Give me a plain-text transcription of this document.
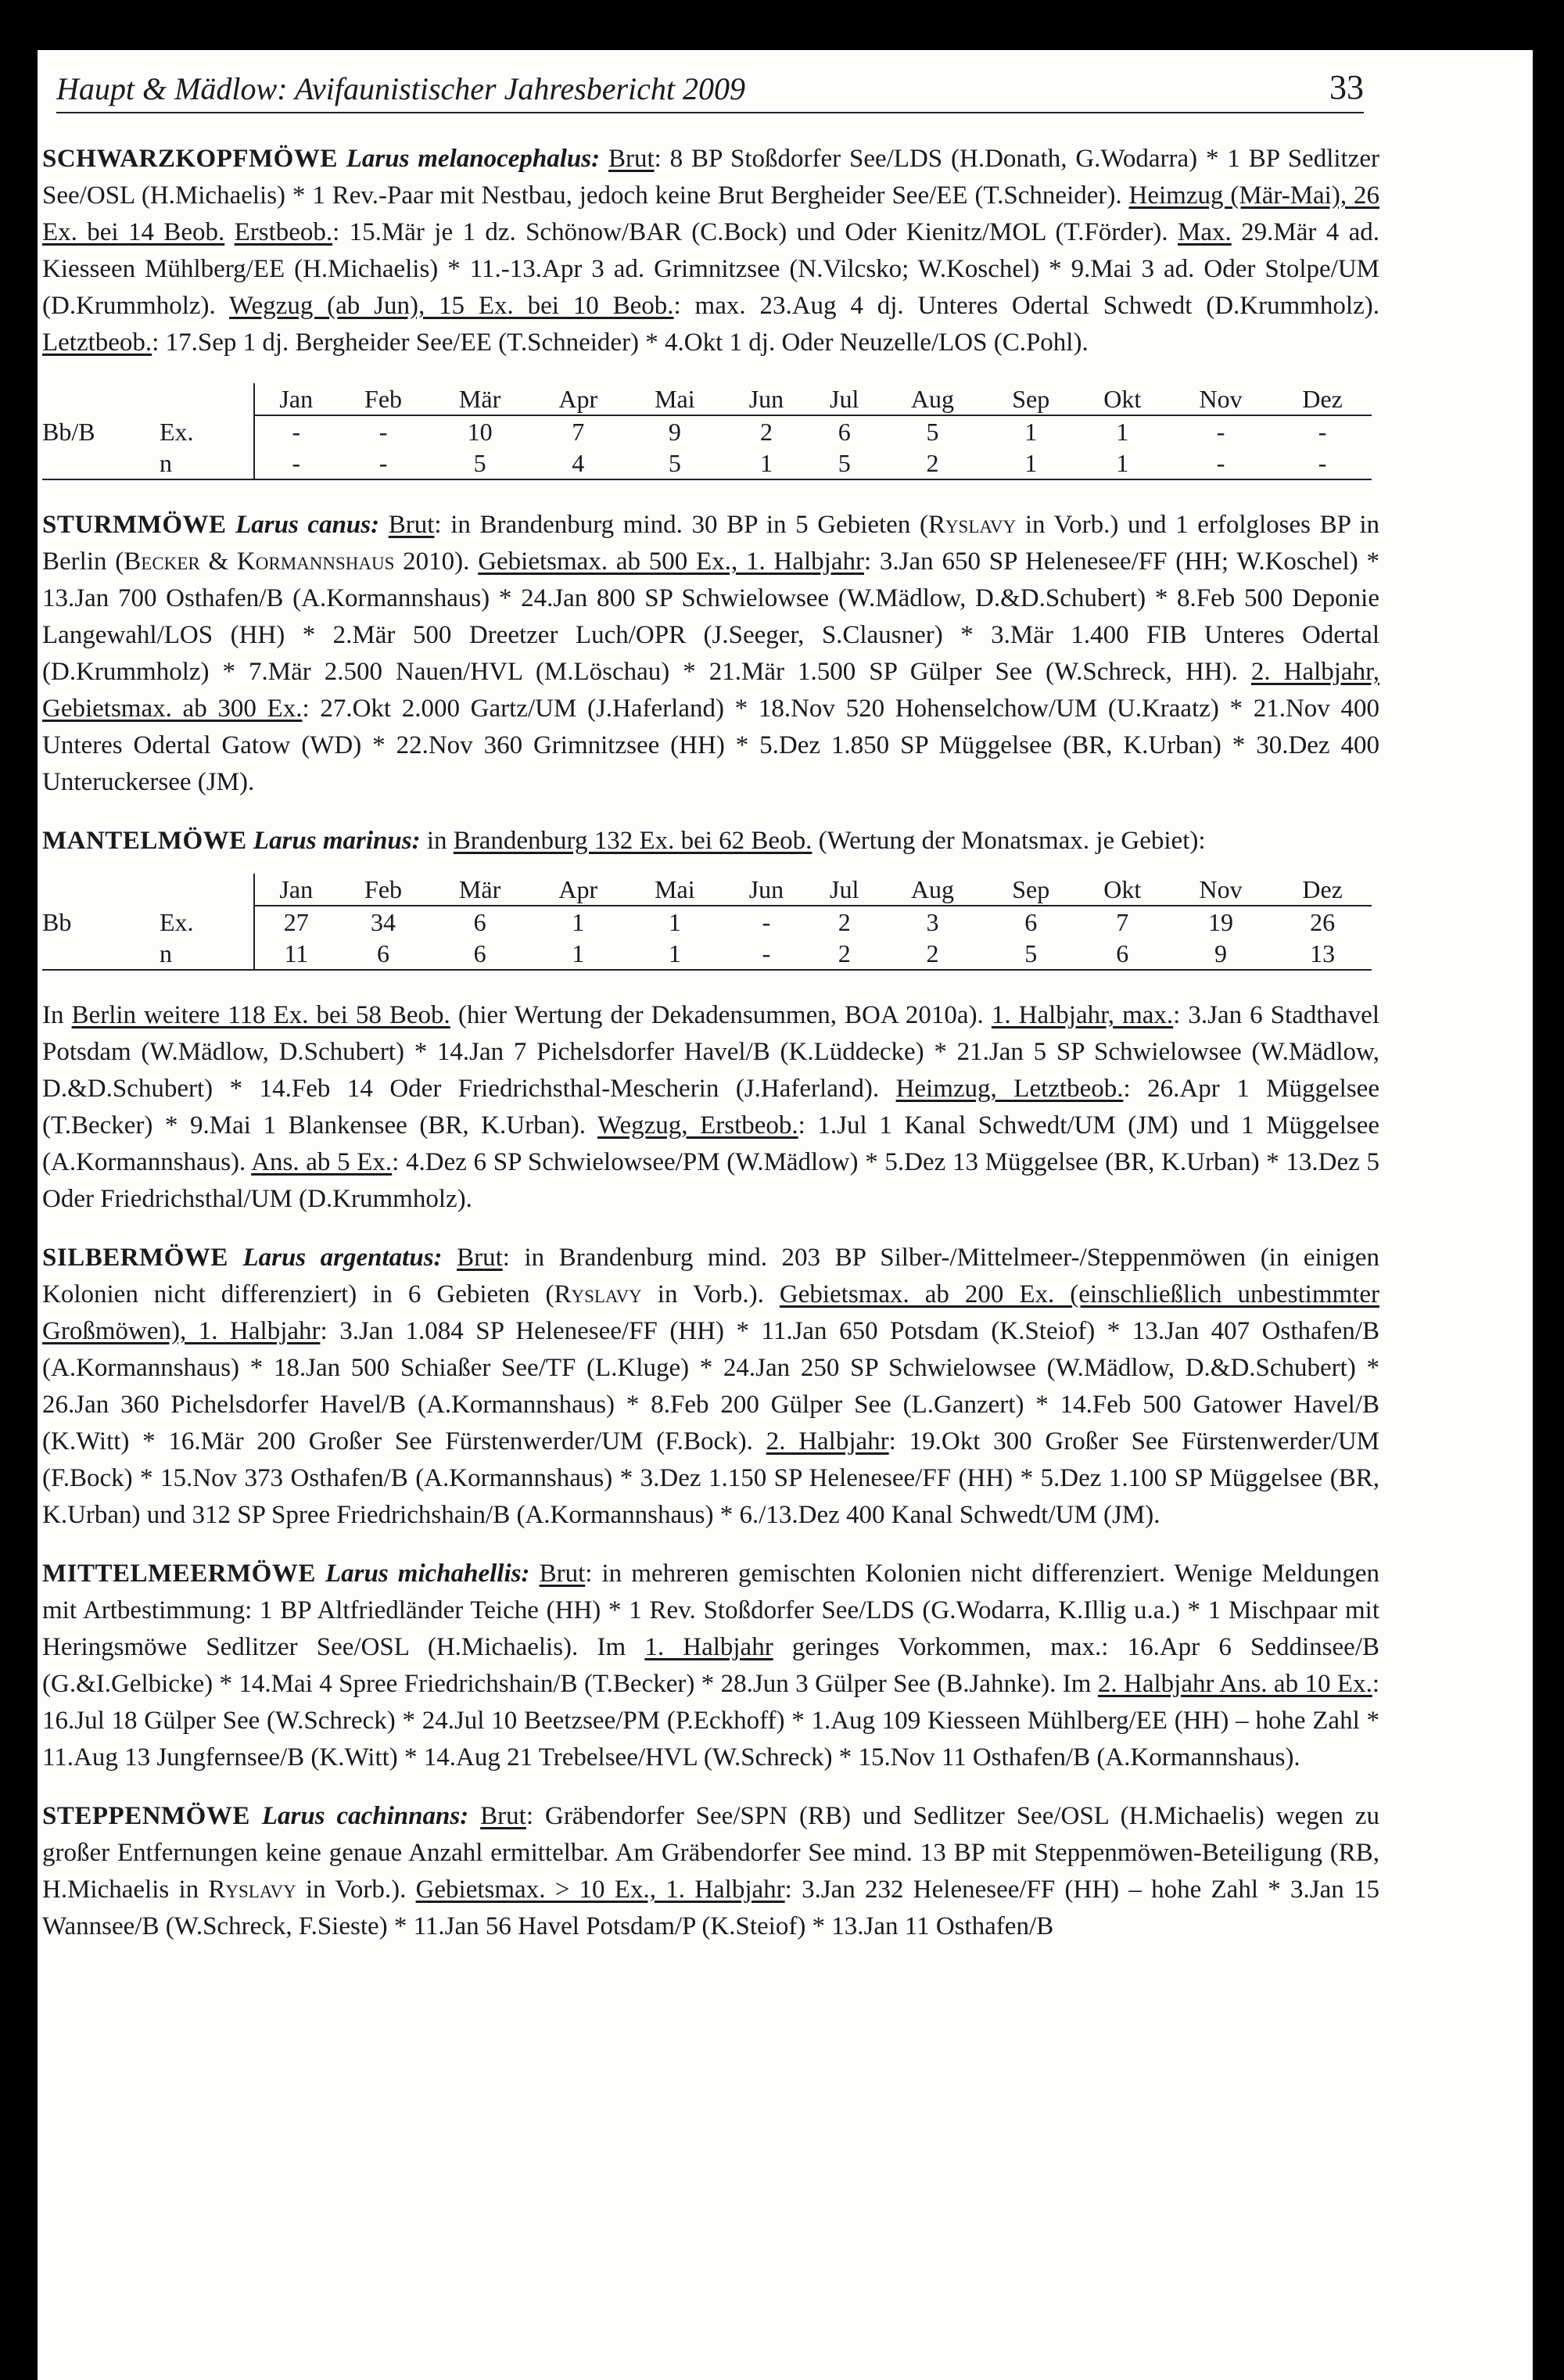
Haupt & Mädlow: Avifaunistischer Jahresbericht 2009	33
SCHWARZKOPFMÖWE Larus melanocephalus: Brut: 8 BP Stoßdorfer See/LDS (H.Donath, G.Wodarra) * 1 BP Sedlitzer See/OSL (H.Michaelis) * 1 Rev.-Paar mit Nestbau, jedoch keine Brut Bergheider See/EE (T.Schneider). Heimzug (Mär-Mai), 26 Ex. bei 14 Beob. Erstbeob.: 15.Mär je 1 dz. Schönow/BAR (C.Bock) und Oder Kienitz/MOL (T.Förder). Max. 29.Mär 4 ad. Kiesseen Mühlberg/EE (H.Michaelis) * 11.-13.Apr 3 ad. Grimnitzsee (N.Vilcsko; W.Koschel) * 9.Mai 3 ad. Oder Stolpe/UM (D.Krummholz). Wegzug (ab Jun), 15 Ex. bei 10 Beob.: max. 23.Aug 4 dj. Unteres Odertal Schwedt (D.Krummholz). Letztbeob.: 17.Sep 1 dj. Bergheider See/EE (T.Schneider) * 4.Okt 1 dj. Oder Neuzelle/LOS (C.Pohl).
		Jan	Feb	Mär	Apr	Mai	Jun	Jul	Aug	Sep	Okt	Nov	Dez
Bb/B	Ex.	-	-	10	7	9	2	6	5	1	1	-	-
	n	-	-	5	4	5	1	5	2	1	1	-	-
STURMMÖWE Larus canus: Brut: in Brandenburg mind. 30 BP in 5 Gebieten (Ryslavy in Vorb.) und 1 erfolgloses BP in Berlin (Becker & Kormannshaus 2010). Gebietsmax. ab 500 Ex., 1. Halbjahr: 3.Jan 650 SP Helenesee/FF (HH; W.Koschel) * 13.Jan 700 Osthafen/B (A.Kormannshaus) * 24.Jan 800 SP Schwielowsee (W.Mädlow, D.&D.Schubert) * 8.Feb 500 Deponie Langewahl/LOS (HH) * 2.Mär 500 Dreetzer Luch/OPR (J.Seeger, S.Clausner) * 3.Mär 1.400 FIB Unteres Odertal (D.Krummholz) * 7.Mär 2.500 Nauen/HVL (M.Löschau) * 21.Mär 1.500 SP Gülper See (W.Schreck, HH). 2. Halbjahr, Gebietsmax. ab 300 Ex.: 27.Okt 2.000 Gartz/UM (J.Haferland) * 18.Nov 520 Hohenselchow/UM (U.Kraatz) * 21.Nov 400 Unteres Odertal Gatow (WD) * 22.Nov 360 Grimnitzsee (HH) * 5.Dez 1.850 SP Müggelsee (BR, K.Urban) * 30.Dez 400 Unteruckersee (JM).
MANTELMÖWE Larus marinus: in Brandenburg 132 Ex. bei 62 Beob. (Wertung der Monatsmax. je Gebiet):
		Jan	Feb	Mär	Apr	Mai	Jun	Jul	Aug	Sep	Okt	Nov	Dez
Bb	Ex.	27	34	6	1	1	-	2	3	6	7	19	26
	n	11	6	6	1	1	-	2	2	5	6	9	13
In Berlin weitere 118 Ex. bei 58 Beob. (hier Wertung der Dekadensummen, BOA 2010a). 1. Halbjahr, max.: 3.Jan 6 Stadthavel Potsdam (W.Mädlow, D.Schubert) * 14.Jan 7 Pichelsdorfer Havel/B (K.Lüddecke) * 21.Jan 5 SP Schwielowsee (W.Mädlow, D.&D.Schubert) * 14.Feb 14 Oder Friedrichsthal-Mescherin (J.Haferland). Heimzug, Letztbeob.: 26.Apr 1 Müggelsee (T.Becker) * 9.Mai 1 Blankensee (BR, K.Urban). Wegzug, Erstbeob.: 1.Jul 1 Kanal Schwedt/UM (JM) und 1 Müggelsee (A.Kormannshaus). Ans. ab 5 Ex.: 4.Dez 6 SP Schwielowsee/PM (W.Mädlow) * 5.Dez 13 Müggelsee (BR, K.Urban) * 13.Dez 5 Oder Friedrichsthal/UM (D.Krummholz).
SILBERMÖWE Larus argentatus: Brut: in Brandenburg mind. 203 BP Silber-/Mittelmeer-/Steppenmöwen (in einigen Kolonien nicht differenziert) in 6 Gebieten (Ryslavy in Vorb.). Gebietsmax. ab 200 Ex. (einschließlich unbestimmter Großmöwen), 1. Halbjahr: 3.Jan 1.084 SP Helenesee/FF (HH) * 11.Jan 650 Potsdam (K.Steiof) * 13.Jan 407 Osthafen/B (A.Kormannshaus) * 18.Jan 500 Schiaßer See/TF (L.Kluge) * 24.Jan 250 SP Schwielowsee (W.Mädlow, D.&D.Schubert) * 26.Jan 360 Pichelsdorfer Havel/B (A.Kormannshaus) * 8.Feb 200 Gülper See (L.Ganzert) * 14.Feb 500 Gatower Havel/B (K.Witt) * 16.Mär 200 Großer See Fürstenwerder/UM (F.Bock). 2. Halbjahr: 19.Okt 300 Großer See Fürstenwerder/UM (F.Bock) * 15.Nov 373 Osthafen/B (A.Kormannshaus) * 3.Dez 1.150 SP Helenesee/FF (HH) * 5.Dez 1.100 SP Müggelsee (BR, K.Urban) und 312 SP Spree Friedrichshain/B (A.Kormannshaus) * 6./13.Dez 400 Kanal Schwedt/UM (JM).
MITTELMEERMÖWE Larus michahellis: Brut: in mehreren gemischten Kolonien nicht differenziert. Wenige Meldungen mit Artbestimmung: 1 BP Altfriedländer Teiche (HH) * 1 Rev. Stoßdorfer See/LDS (G.Wodarra, K.Illig u.a.) * 1 Mischpaar mit Heringsmöwe Sedlitzer See/OSL (H.Michaelis). Im 1. Halbjahr geringes Vorkommen, max.: 16.Apr 6 Seddinsee/B (G.&I.Gelbicke) * 14.Mai 4 Spree Friedrichshain/B (T.Becker) * 28.Jun 3 Gülper See (B.Jahnke). Im 2. Halbjahr Ans. ab 10 Ex.: 16.Jul 18 Gülper See (W.Schreck) * 24.Jul 10 Beetzsee/PM (P.Eckhoff) * 1.Aug 109 Kiesseen Mühlberg/EE (HH) – hohe Zahl * 11.Aug 13 Jungfernsee/B (K.Witt) * 14.Aug 21 Trebelsee/HVL (W.Schreck) * 15.Nov 11 Osthafen/B (A.Kormannshaus).
STEPPENMÖWE Larus cachinnans: Brut: Gräbendorfer See/SPN (RB) und Sedlitzer See/OSL (H.Michaelis) wegen zu großer Entfernungen keine genaue Anzahl ermittelbar. Am Gräbendorfer See mind. 13 BP mit Steppenmöwen-Beteiligung (RB, H.Michaelis in Ryslavy in Vorb.). Gebietsmax. > 10 Ex., 1. Halbjahr: 3.Jan 232 Helenesee/FF (HH) – hohe Zahl * 3.Jan 15 Wannsee/B (W.Schreck, F.Sieste) * 11.Jan 56 Havel Potsdam/P (K.Steiof) * 13.Jan 11 Osthafen/B
